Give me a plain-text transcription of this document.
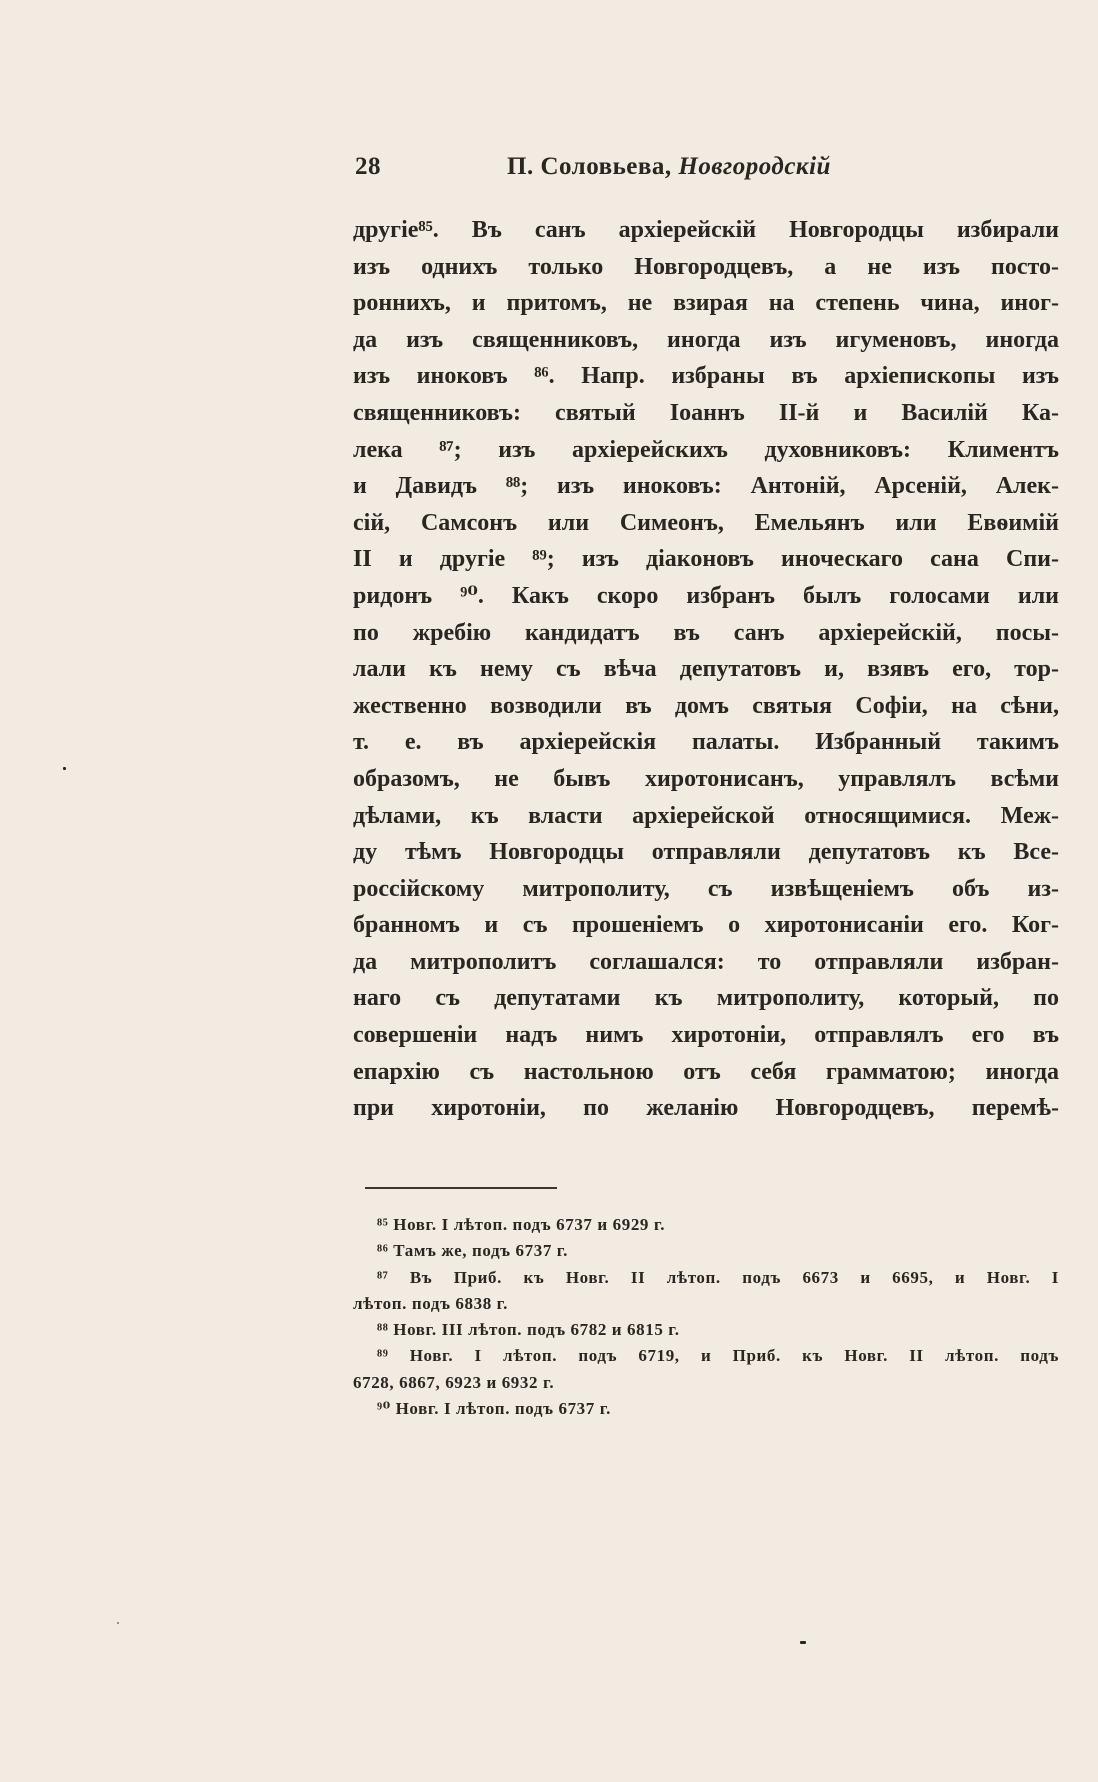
28	П. Соловьева, Новгородскій
другіе⁸⁵. Въ санъ архіерейскій Новгородцы избирали
изъ однихъ только Новгородцевъ, а не изъ посто-
роннихъ, и притомъ, не взирая на степень чина, иног-
да изъ священниковъ, иногда изъ игуменовъ, иногда
изъ иноковъ ⁸⁶. Напр. избраны въ архіепископы изъ
священниковъ: святый Іоаннъ II-й и Василій Ка-
лека ⁸⁷; изъ архіерейскихъ духовниковъ: Климентъ
и Давидъ ⁸⁸; изъ иноковъ: Антоній, Арсеній, Алек-
сій, Самсонъ или Симеонъ, Емельянъ или Евѳимій
II и другіе ⁸⁹; изъ діаконовъ иноческаго сана Спи-
ридонъ ⁹⁰. Какъ скоро избранъ былъ голосами или
по жребію кандидатъ въ санъ архіерейскій, посы-
лали къ нему съ вѣча депутатовъ и, взявъ его, тор-
жественно возводили въ домъ святыя Софіи, на сѣни,
т. е. въ архіерейскія палаты. Избранный такимъ
образомъ, не бывъ хиротонисанъ, управлялъ всѣми
дѣлами, къ власти архіерейской относящимися. Меж-
ду тѣмъ Новгородцы отправляли депутатовъ къ Все-
россійскому митрополиту, съ извѣщеніемъ объ из-
бранномъ и съ прошеніемъ о хиротонисаніи его. Ког-
да митрополитъ соглашался: то отправляли избран-
наго съ депутатами къ митрополиту, который, по
совершеніи надъ нимъ хиротоніи, отправлялъ его въ
епархію съ настольною отъ себя грамматою; иногда
при хиротоніи, по желанію Новгородцевъ, перемѣ-
⁸⁵ Новг. I лѣтоп. подъ 6737 и 6929 г.
⁸⁶ Тамъ же, подъ 6737 г.
⁸⁷ Въ Приб. къ Новг. II лѣтоп. подъ 6673 и 6695, и Новг. I
лѣтоп. подъ 6838 г.
⁸⁸ Новг. III лѣтоп. подъ 6782 и 6815 г.
⁸⁹ Новг. I лѣтоп. подъ 6719, и Приб. къ Новг. II лѣтоп. подъ
6728, 6867, 6923 и 6932 г.
⁹⁰ Новг. I лѣтоп. подъ 6737 г.
